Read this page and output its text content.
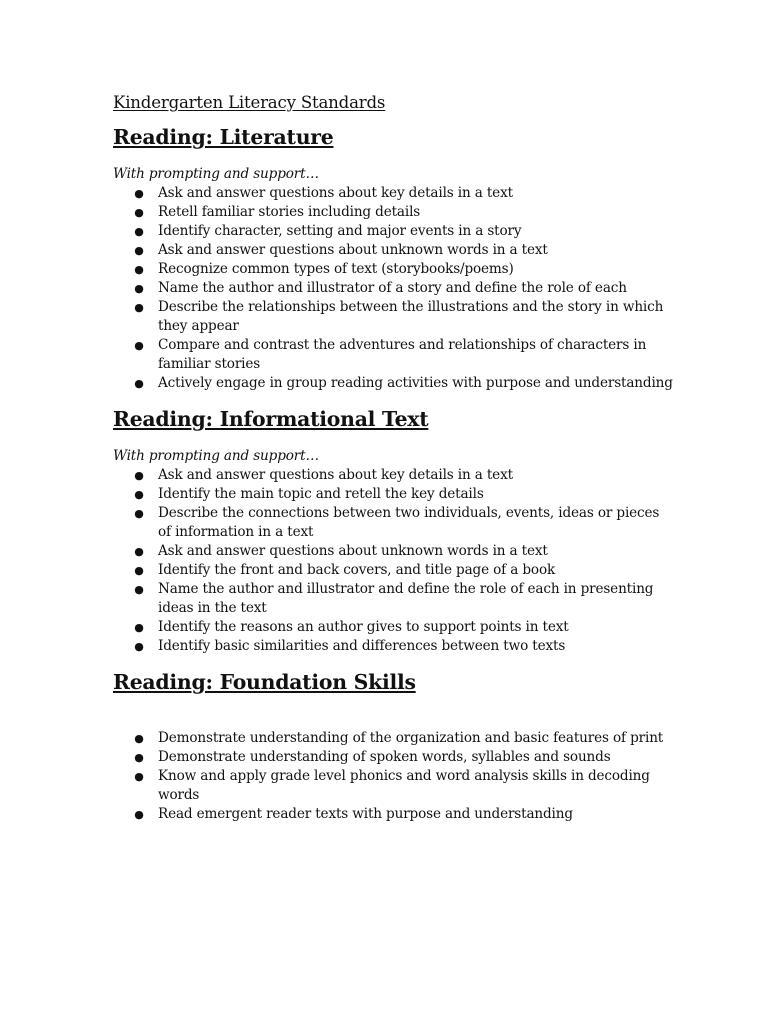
Kindergarten Literacy Standards
Reading: Literature

With prompting and support…

● Ask and answer questions about key details in a text
● Retell familiar stories including details
● Identify character, setting and major events in a story
● Ask and answer questions about unknown words in a text
● Recognize common types of text (storybooks/poems)
● Name the author and illustrator of a story and define the role of each
● Describe the relationships between the illustrations and the story in which they appear
● Compare and contrast the adventures and relationships of characters in familiar stories
● Actively engage in group reading activities with purpose and understanding
Reading: Informational Text

With prompting and support…

● Ask and answer questions about key details in a text
● Identify the main topic and retell the key details
● Describe the connections between two individuals, events, ideas or pieces of information in a text
● Ask and answer questions about unknown words in a text
● Identify the front and back covers, and title page of a book
● Name the author and illustrator and define the role of each in presenting ideas in the text
● Identify the reasons an author gives to support points in text
● Identify basic similarities and differences between two texts
Reading: Foundation Skills

● Demonstrate understanding of the organization and basic features of print
● Demonstrate understanding of spoken words, syllables and sounds
● Know and apply grade level phonics and word analysis skills in decoding words
● Read emergent reader texts with purpose and understanding
